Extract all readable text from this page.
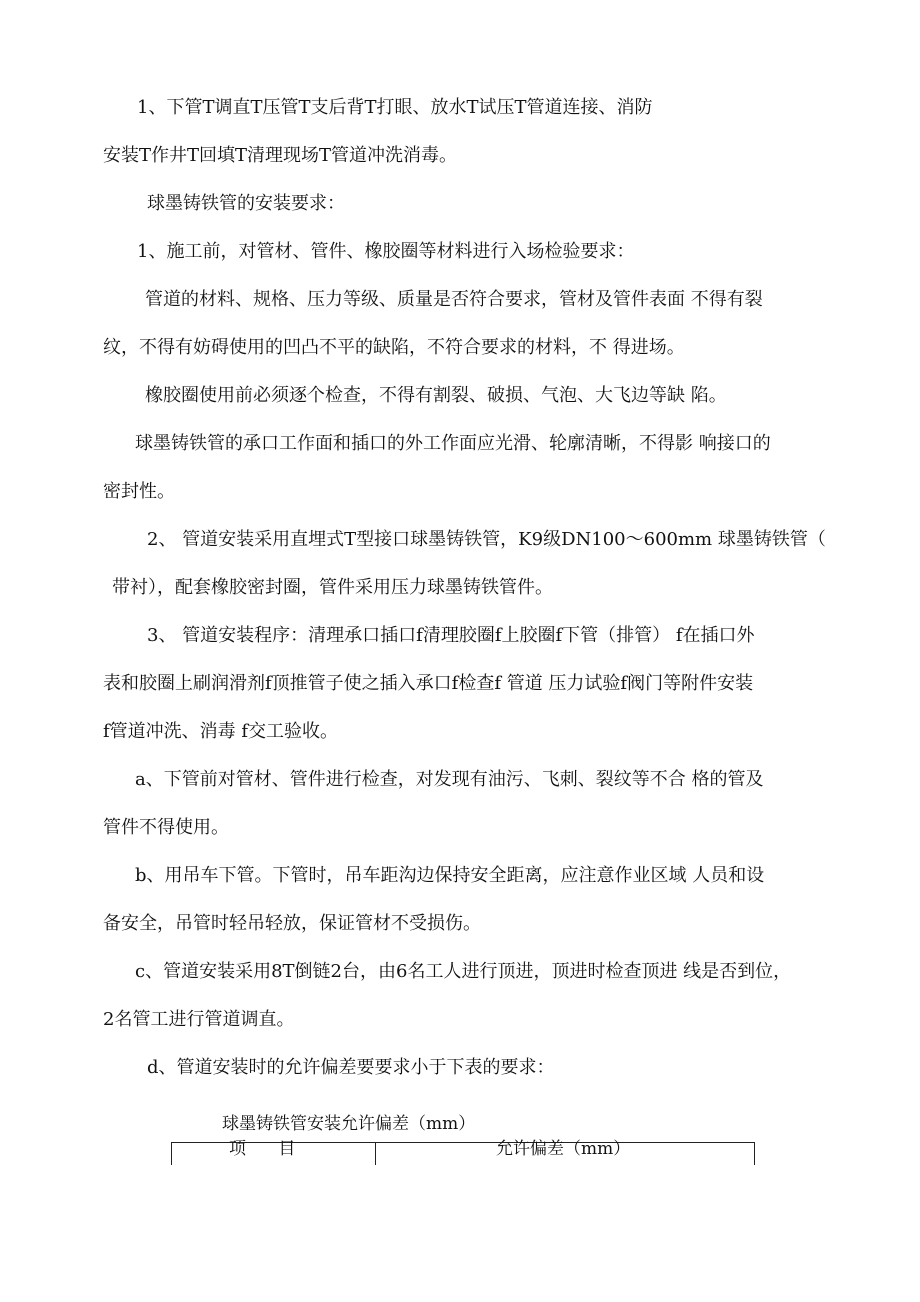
1、下管T调直T压管T支后背T打眼、放水T试压T管道连接、消防
安装T作井T回填T清理现场T管道冲洗消毒。
球墨铸铁管的安装要求：
1、施工前，对管材、管件、橡胶圈等材料进行入场检验要求：
管道的材料、规格、压力等级、质量是否符合要求，管材及管件表面 不得有裂
纹，不得有妨碍使用的凹凸不平的缺陷，不符合要求的材料，不 得进场。
橡胶圈使用前必须逐个检查，不得有割裂、破损、气泡、大飞边等缺 陷。
球墨铸铁管的承口工作面和插口的外工作面应光滑、轮廓清晰，不得影 响接口的
密封性。
2、 管道安装采用直埋式T型接口球墨铸铁管，K9级DN100〜600mm 球墨铸铁管（
带衬），配套橡胶密封圈，管件采用压力球墨铸铁管件。
3、 管道安装程序：清理承口插口f清理胶圈f上胶圈f下管（排管） f在插口外
表和胶圈上刷润滑剂f顶推管子使之插入承口f检查f 管道 压力试验f阀门等附件安装
f管道冲洗、消毒 f交工验收。
a、下管前对管材、管件进行检查，对发现有油污、飞刺、裂纹等不合 格的管及
管件不得使用。
b、用吊车下管。下管时，吊车距沟边保持安全距离，应注意作业区域 人员和设
备安全，吊管时轻吊轻放，保证管材不受损伤。
c、管道安装采用8T倒链2台，由6名工人进行顶进，顶进时检查顶进 线是否到位，
2名管工进行管道调直。
d、管道安装时的允许偏差要要求小于下表的要求：
球墨铸铁管安装允许偏差（mm）
项      目	允许偏差（mm）
